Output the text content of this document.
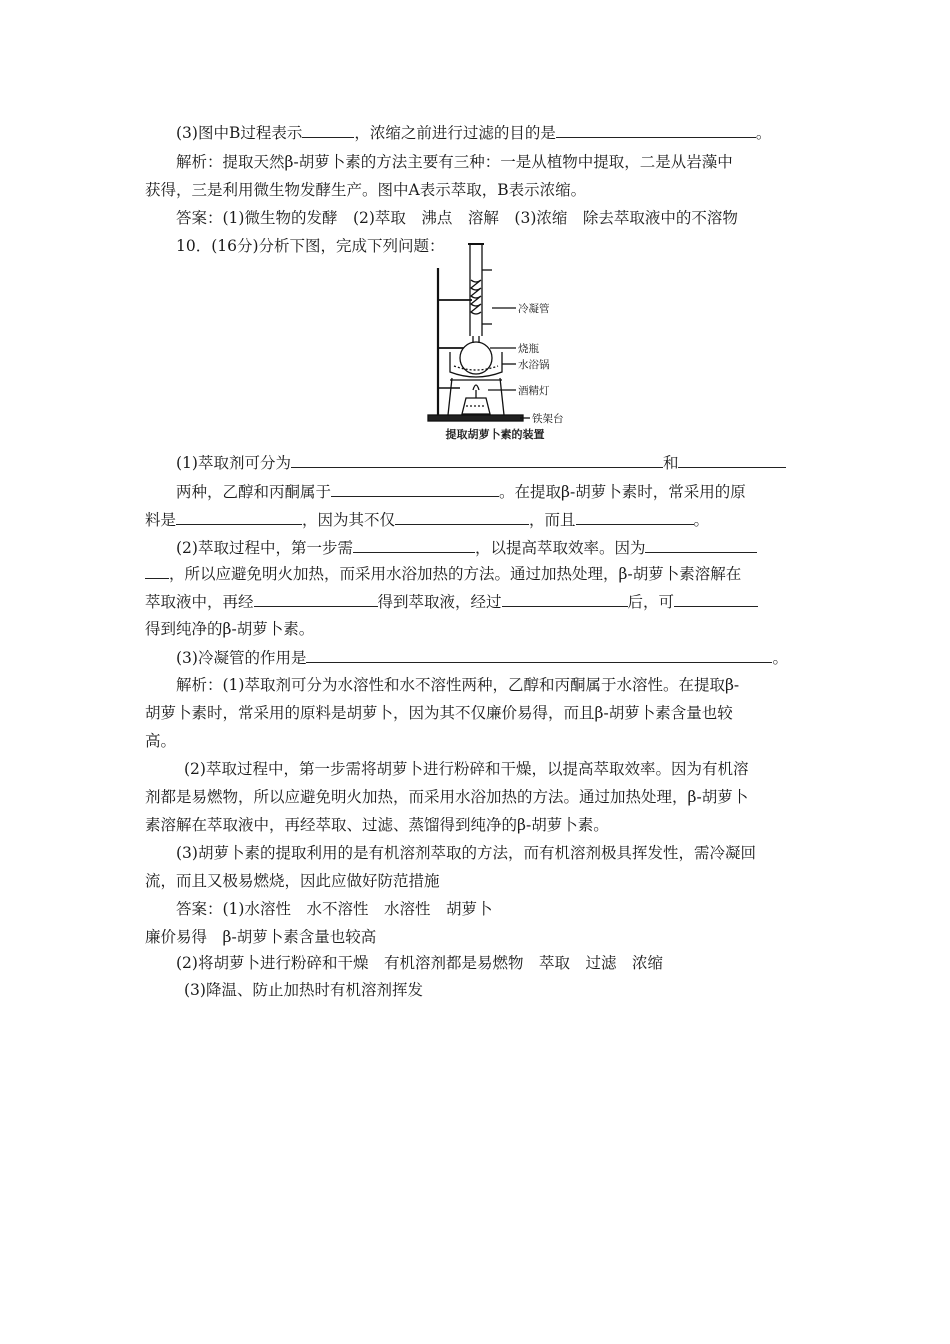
(3)图中B过程表示	，浓缩之前进行过滤的目的是	。
解析：提取天然β-胡萝卜素的方法主要有三种：一是从植物中提取，二是从岩藻中
获得，三是利用微生物发酵生产。图中A表示萃取，B表示浓缩。
答案：(1)微生物的发酵　(2)萃取　沸点　溶解　(3)浓缩　除去萃取液中的不溶物
10．(16分)分析下图，完成下列问题：
冷凝管
烧瓶
水浴锅
酒精灯
铁架台
提取胡萝卜素的装置
(1)萃取剂可分为	和
两种，乙醇和丙酮属于	。在提取β-胡萝卜素时，常采用的原
料是	，因为其不仅	，而且	。
(2)萃取过程中，第一步需	，以提高萃取效率。因为
，所以应避免明火加热，而采用水浴加热的方法。通过加热处理，β-胡萝卜素溶解在
萃取液中，再经	得到萃取液，经过	后，可
得到纯净的β-胡萝卜素。
(3)冷凝管的作用是	。
解析：(1)萃取剂可分为水溶性和水不溶性两种，乙醇和丙酮属于水溶性。在提取β-
胡萝卜素时，常采用的原料是胡萝卜，因为其不仅廉价易得，而且β-胡萝卜素含量也较
高。
(2)萃取过程中，第一步需将胡萝卜进行粉碎和干燥，以提高萃取效率。因为有机溶
剂都是易燃物，所以应避免明火加热，而采用水浴加热的方法。通过加热处理，β-胡萝卜
素溶解在萃取液中，再经萃取、过滤、蒸馏得到纯净的β-胡萝卜素。
(3)胡萝卜素的提取利用的是有机溶剂萃取的方法，而有机溶剂极具挥发性，需冷凝回
流，而且又极易燃烧，因此应做好防范措施
答案：(1)水溶性　水不溶性　水溶性　胡萝卜
廉价易得　β-胡萝卜素含量也较高
(2)将胡萝卜进行粉碎和干燥　有机溶剂都是易燃物　萃取　过滤　浓缩
(3)降温、防止加热时有机溶剂挥发
